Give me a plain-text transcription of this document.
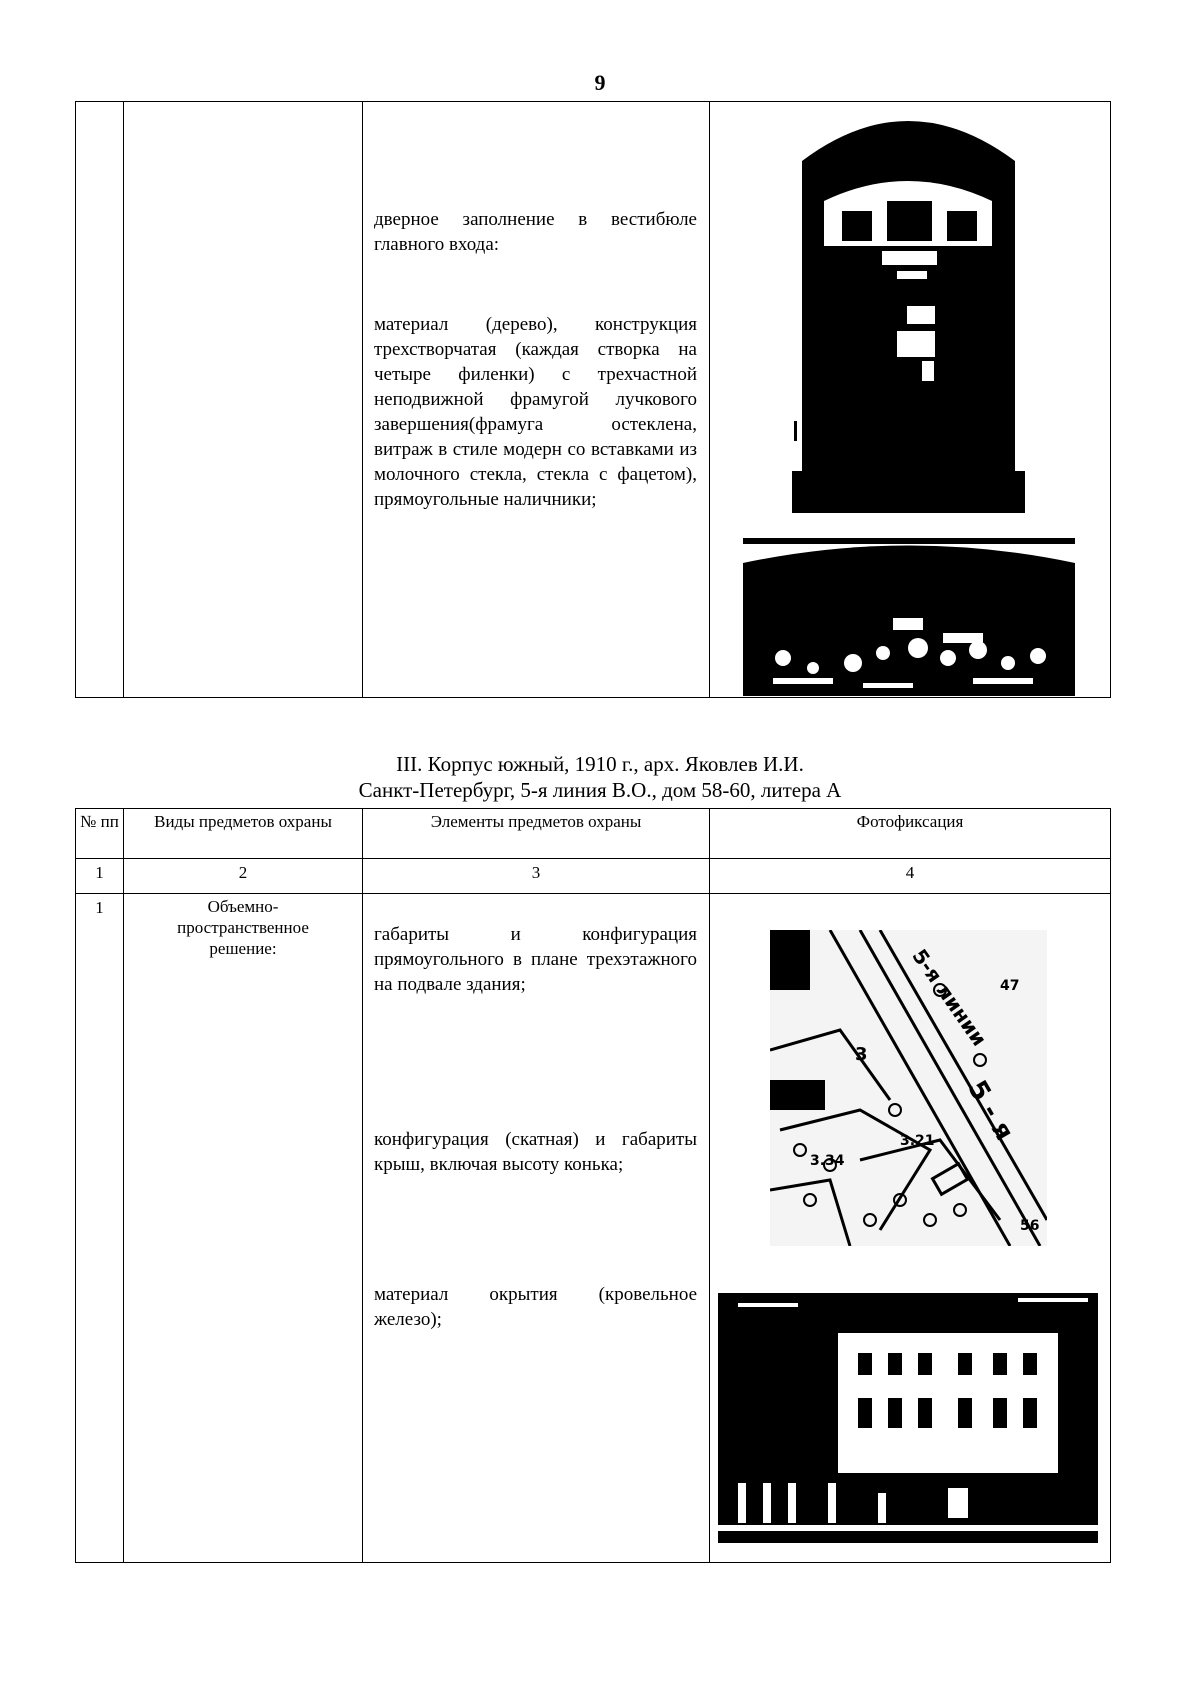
9

дверное заполнение в вестибюле главного входа:
материал (дерево), конструкция трехстворчатая (каждая створка на четыре филенки) с трехчастной неподвижной фрамугой лучкового завершения(фрамуга остеклена, витраж в стиле модерн со вставками из молочного стекла, стекла с фацетом), прямоугольные наличники;

III. Корпус южный, 1910 г., арх. Яковлев И.И.
Санкт-Петербург, 5-я линия В.О., дом 58-60, литера А
№ пп	Виды предметов охраны	Элементы предметов охраны	Фотофиксация
1	2	3	4
1	Объемно-пространственное решение:	габариты и конфигурация прямоугольного в плане трехэтажного на подвале здания;
конфигурация (скатная) и габариты крыш, включая высоту конька;
материал окрытия (кровельное железо);	

5-я линии
5 - я
3
3.21
3.34
47
56
